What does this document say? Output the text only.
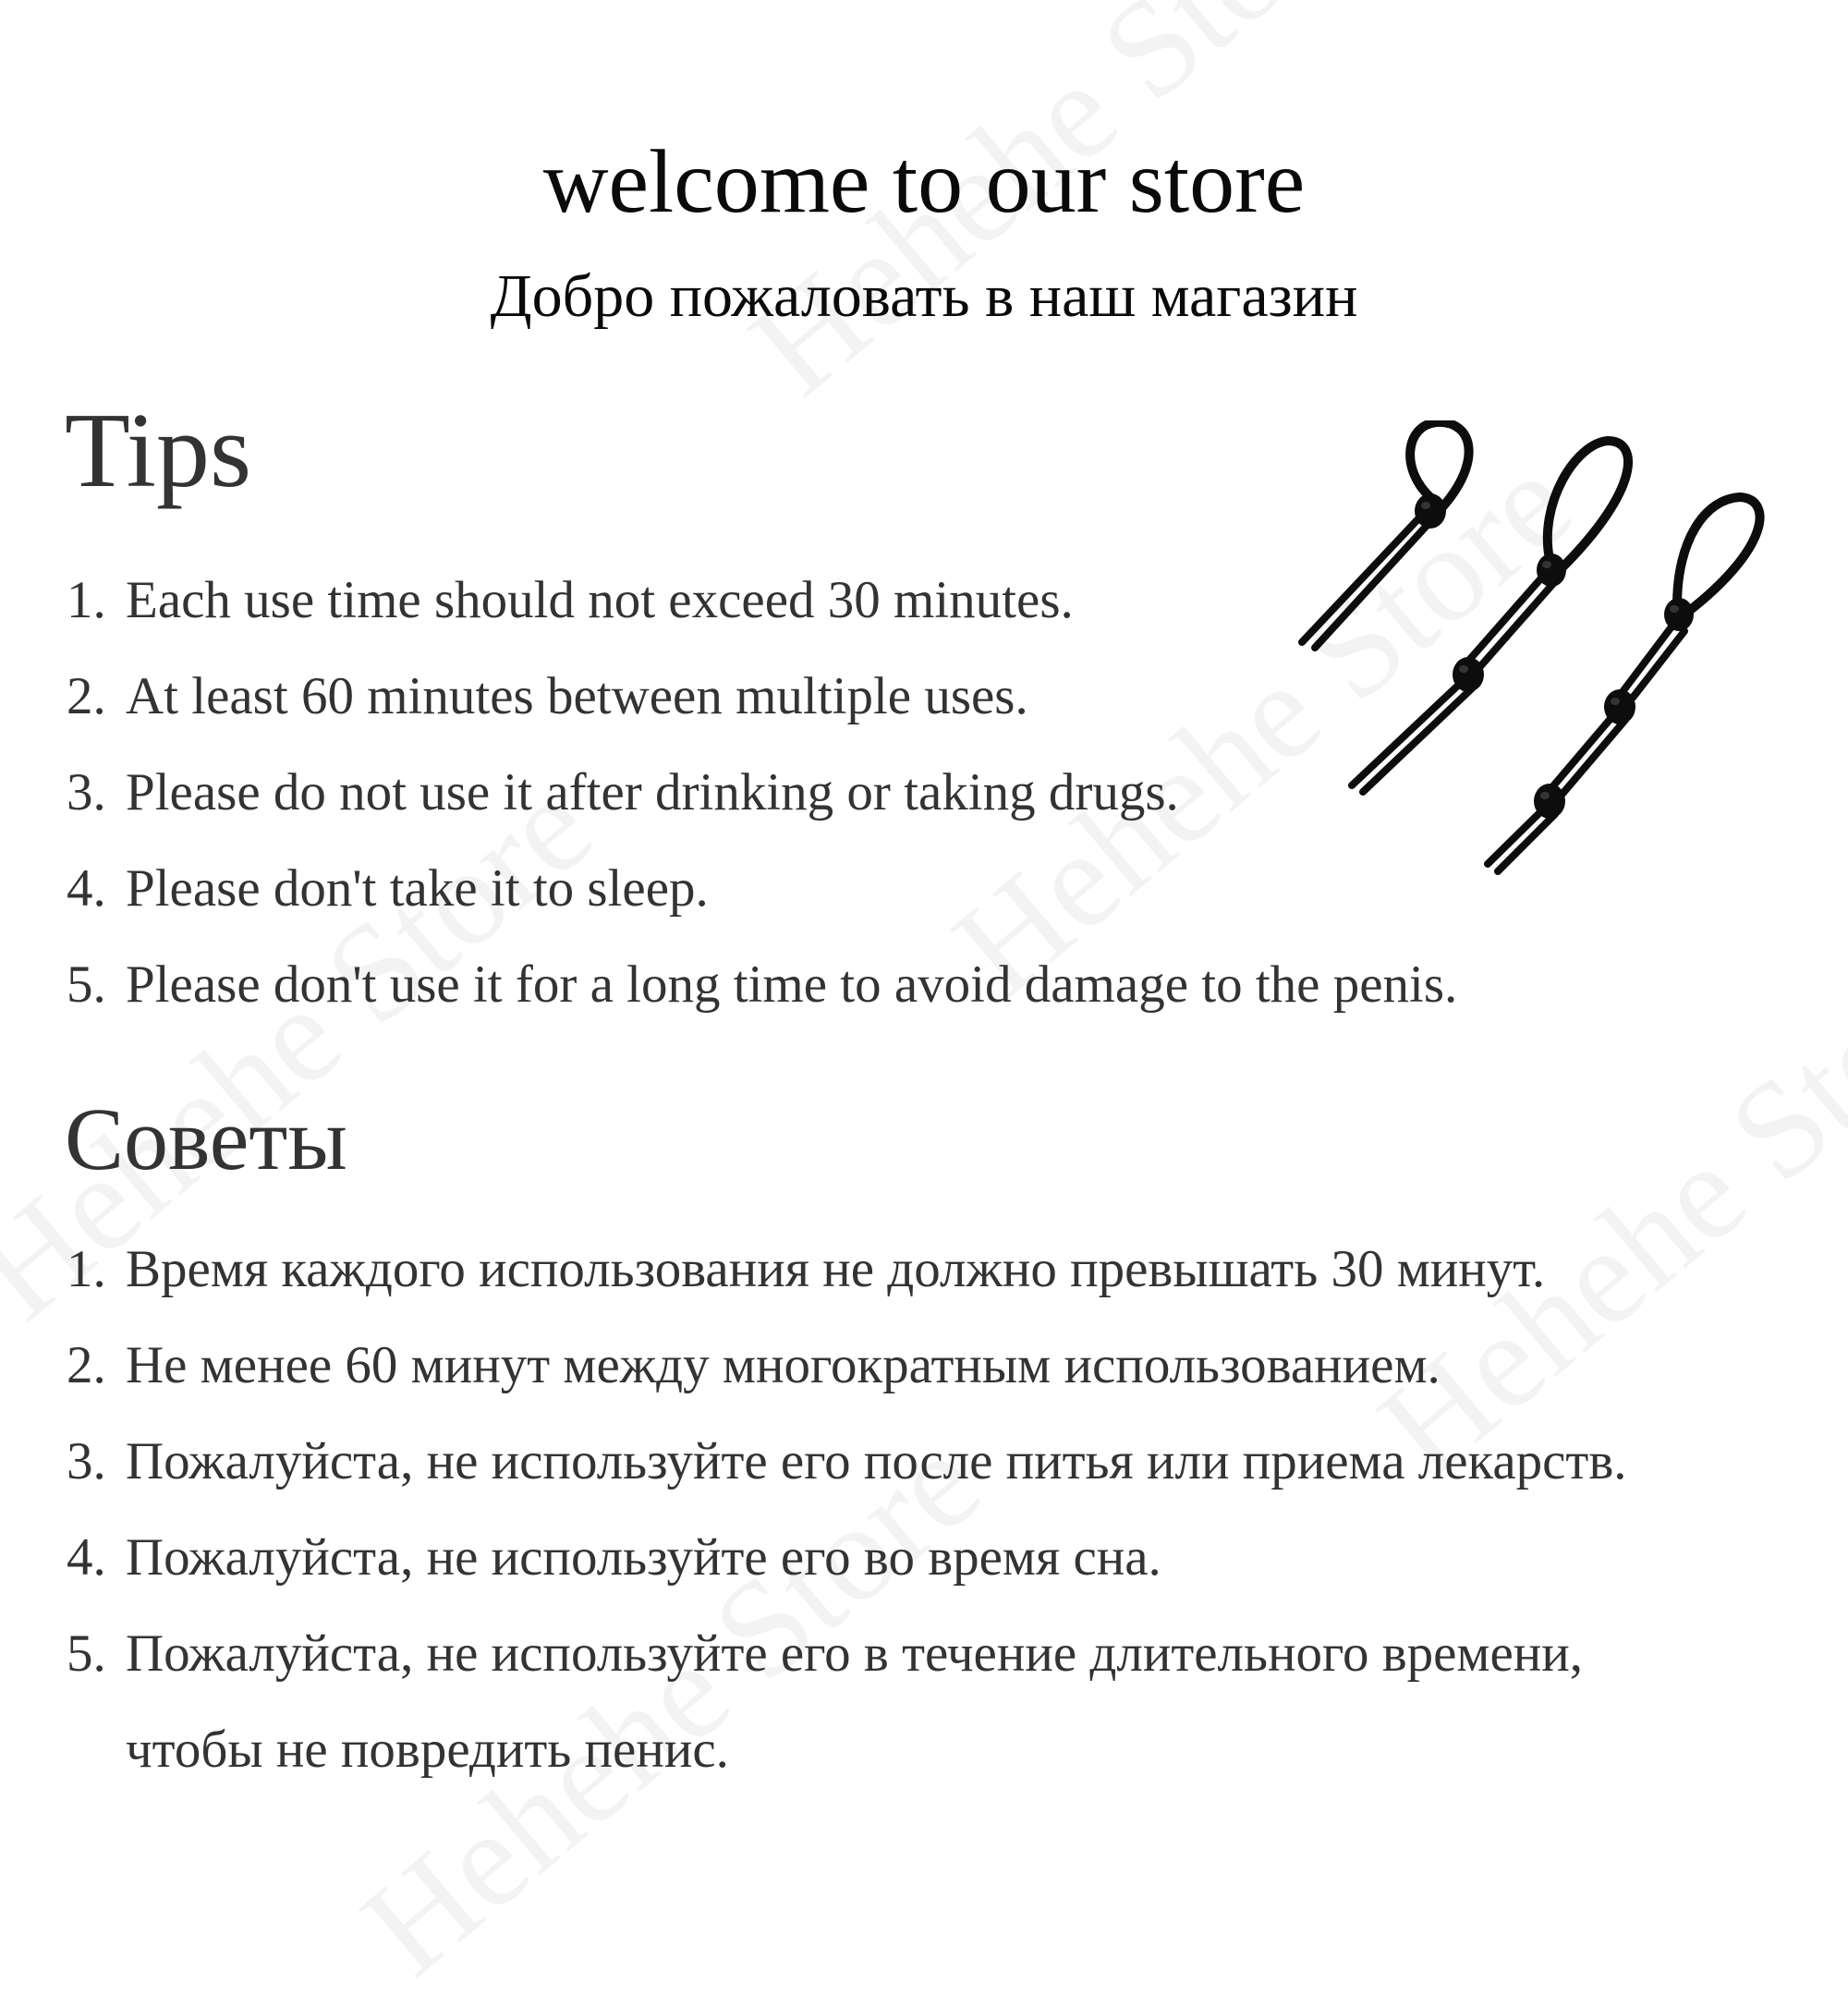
welcome to our store
Добро пожаловать в наш магазин
Tips
1. Each use time should not exceed 30 minutes.
2. At least 60 minutes between multiple uses.
3. Please do not use it after drinking or taking drugs.
4. Please don't take it to sleep.
5. Please don't use it for a long time to avoid damage to the penis.
Советы
1. Время каждого использования не должно превышать 30 минут.
2. Не менее 60 минут между многократным использованием.
3. Пожалуйста, не используйте его после питья или приема лекарств.
4. Пожалуйста, не используйте его во время сна.
5. Пожалуйста, не используйте его в течение длительного времени,
чтобы не повредить пенис.
